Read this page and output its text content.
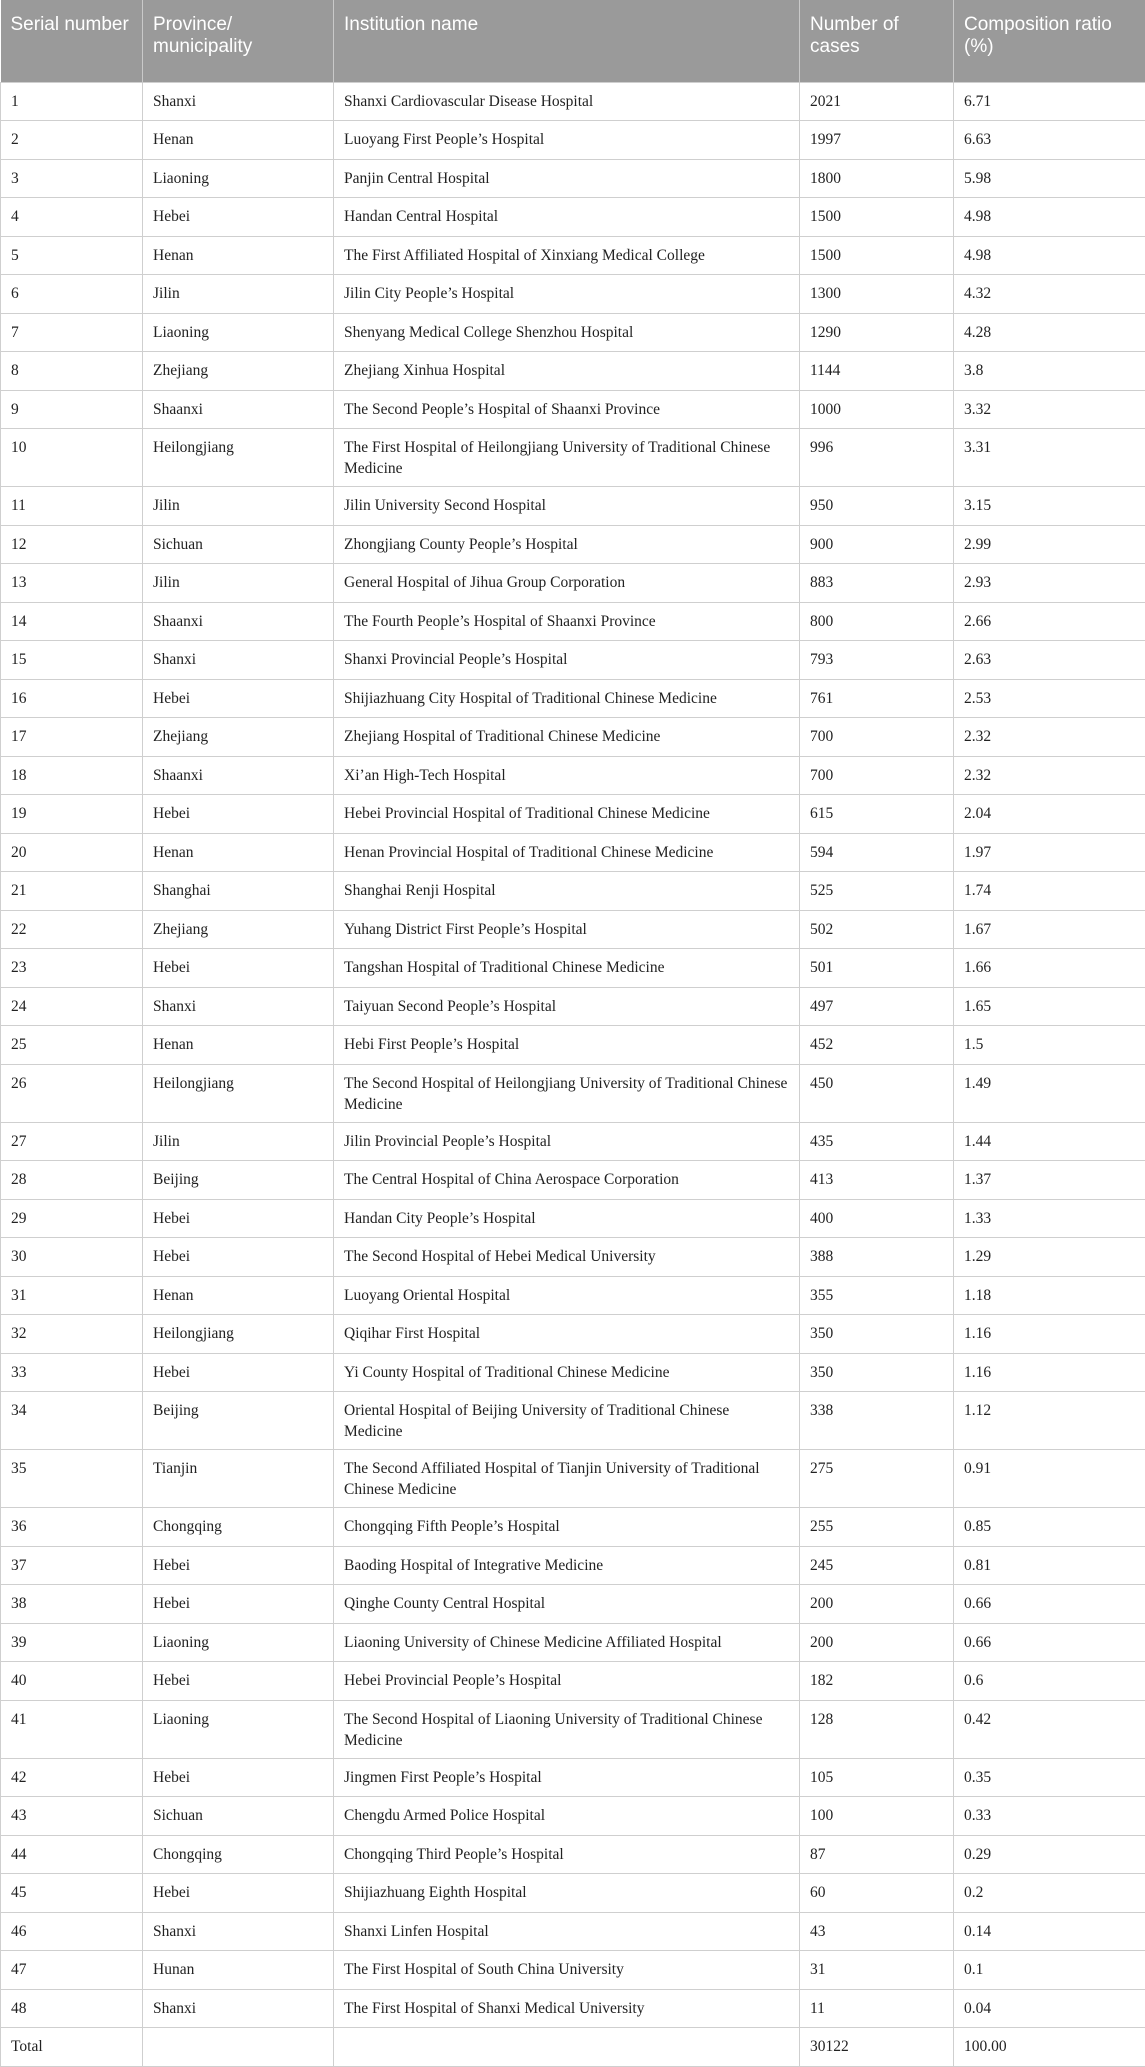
Serial number	Province/ municipality	Institution name	Number of cases	Composition ratio (%)
1	Shanxi	Shanxi Cardiovascular Disease Hospital	2021	6.71
2	Henan	Luoyang First People’s Hospital	1997	6.63
3	Liaoning	Panjin Central Hospital	1800	5.98
4	Hebei	Handan Central Hospital	1500	4.98
5	Henan	The First Affiliated Hospital of Xinxiang Medical College	1500	4.98
6	Jilin	Jilin City People’s Hospital	1300	4.32
7	Liaoning	Shenyang Medical College Shenzhou Hospital	1290	4.28
8	Zhejiang	Zhejiang Xinhua Hospital	1144	3.8
9	Shaanxi	The Second People’s Hospital of Shaanxi Province	1000	3.32
10	Heilongjiang	The First Hospital of Heilongjiang University of Traditional Chinese Medicine	996	3.31
11	Jilin	Jilin University Second Hospital	950	3.15
12	Sichuan	Zhongjiang County People’s Hospital	900	2.99
13	Jilin	General Hospital of Jihua Group Corporation	883	2.93
14	Shaanxi	The Fourth People’s Hospital of Shaanxi Province	800	2.66
15	Shanxi	Shanxi Provincial People’s Hospital	793	2.63
16	Hebei	Shijiazhuang City Hospital of Traditional Chinese Medicine	761	2.53
17	Zhejiang	Zhejiang Hospital of Traditional Chinese Medicine	700	2.32
18	Shaanxi	Xi’an High-Tech Hospital	700	2.32
19	Hebei	Hebei Provincial Hospital of Traditional Chinese Medicine	615	2.04
20	Henan	Henan Provincial Hospital of Traditional Chinese Medicine	594	1.97
21	Shanghai	Shanghai Renji Hospital	525	1.74
22	Zhejiang	Yuhang District First People’s Hospital	502	1.67
23	Hebei	Tangshan Hospital of Traditional Chinese Medicine	501	1.66
24	Shanxi	Taiyuan Second People’s Hospital	497	1.65
25	Henan	Hebi First People’s Hospital	452	1.5
26	Heilongjiang	The Second Hospital of Heilongjiang University of Traditional Chinese Medicine	450	1.49
27	Jilin	Jilin Provincial People’s Hospital	435	1.44
28	Beijing	The Central Hospital of China Aerospace Corporation	413	1.37
29	Hebei	Handan City People’s Hospital	400	1.33
30	Hebei	The Second Hospital of Hebei Medical University	388	1.29
31	Henan	Luoyang Oriental Hospital	355	1.18
32	Heilongjiang	Qiqihar First Hospital	350	1.16
33	Hebei	Yi County Hospital of Traditional Chinese Medicine	350	1.16
34	Beijing	Oriental Hospital of Beijing University of Traditional Chinese Medicine	338	1.12
35	Tianjin	The Second Affiliated Hospital of Tianjin University of Traditional Chinese Medicine	275	0.91
36	Chongqing	Chongqing Fifth People’s Hospital	255	0.85
37	Hebei	Baoding Hospital of Integrative Medicine	245	0.81
38	Hebei	Qinghe County Central Hospital	200	0.66
39	Liaoning	Liaoning University of Chinese Medicine Affiliated Hospital	200	0.66
40	Hebei	Hebei Provincial People’s Hospital	182	0.6
41	Liaoning	The Second Hospital of Liaoning University of Traditional Chinese Medicine	128	0.42
42	Hebei	Jingmen First People’s Hospital	105	0.35
43	Sichuan	Chengdu Armed Police Hospital	100	0.33
44	Chongqing	Chongqing Third People’s Hospital	87	0.29
45	Hebei	Shijiazhuang Eighth Hospital	60	0.2
46	Shanxi	Shanxi Linfen Hospital	43	0.14
47	Hunan	The First Hospital of South China University	31	0.1
48	Shanxi	The First Hospital of Shanxi Medical University	11	0.04
Total			30122	100.00
